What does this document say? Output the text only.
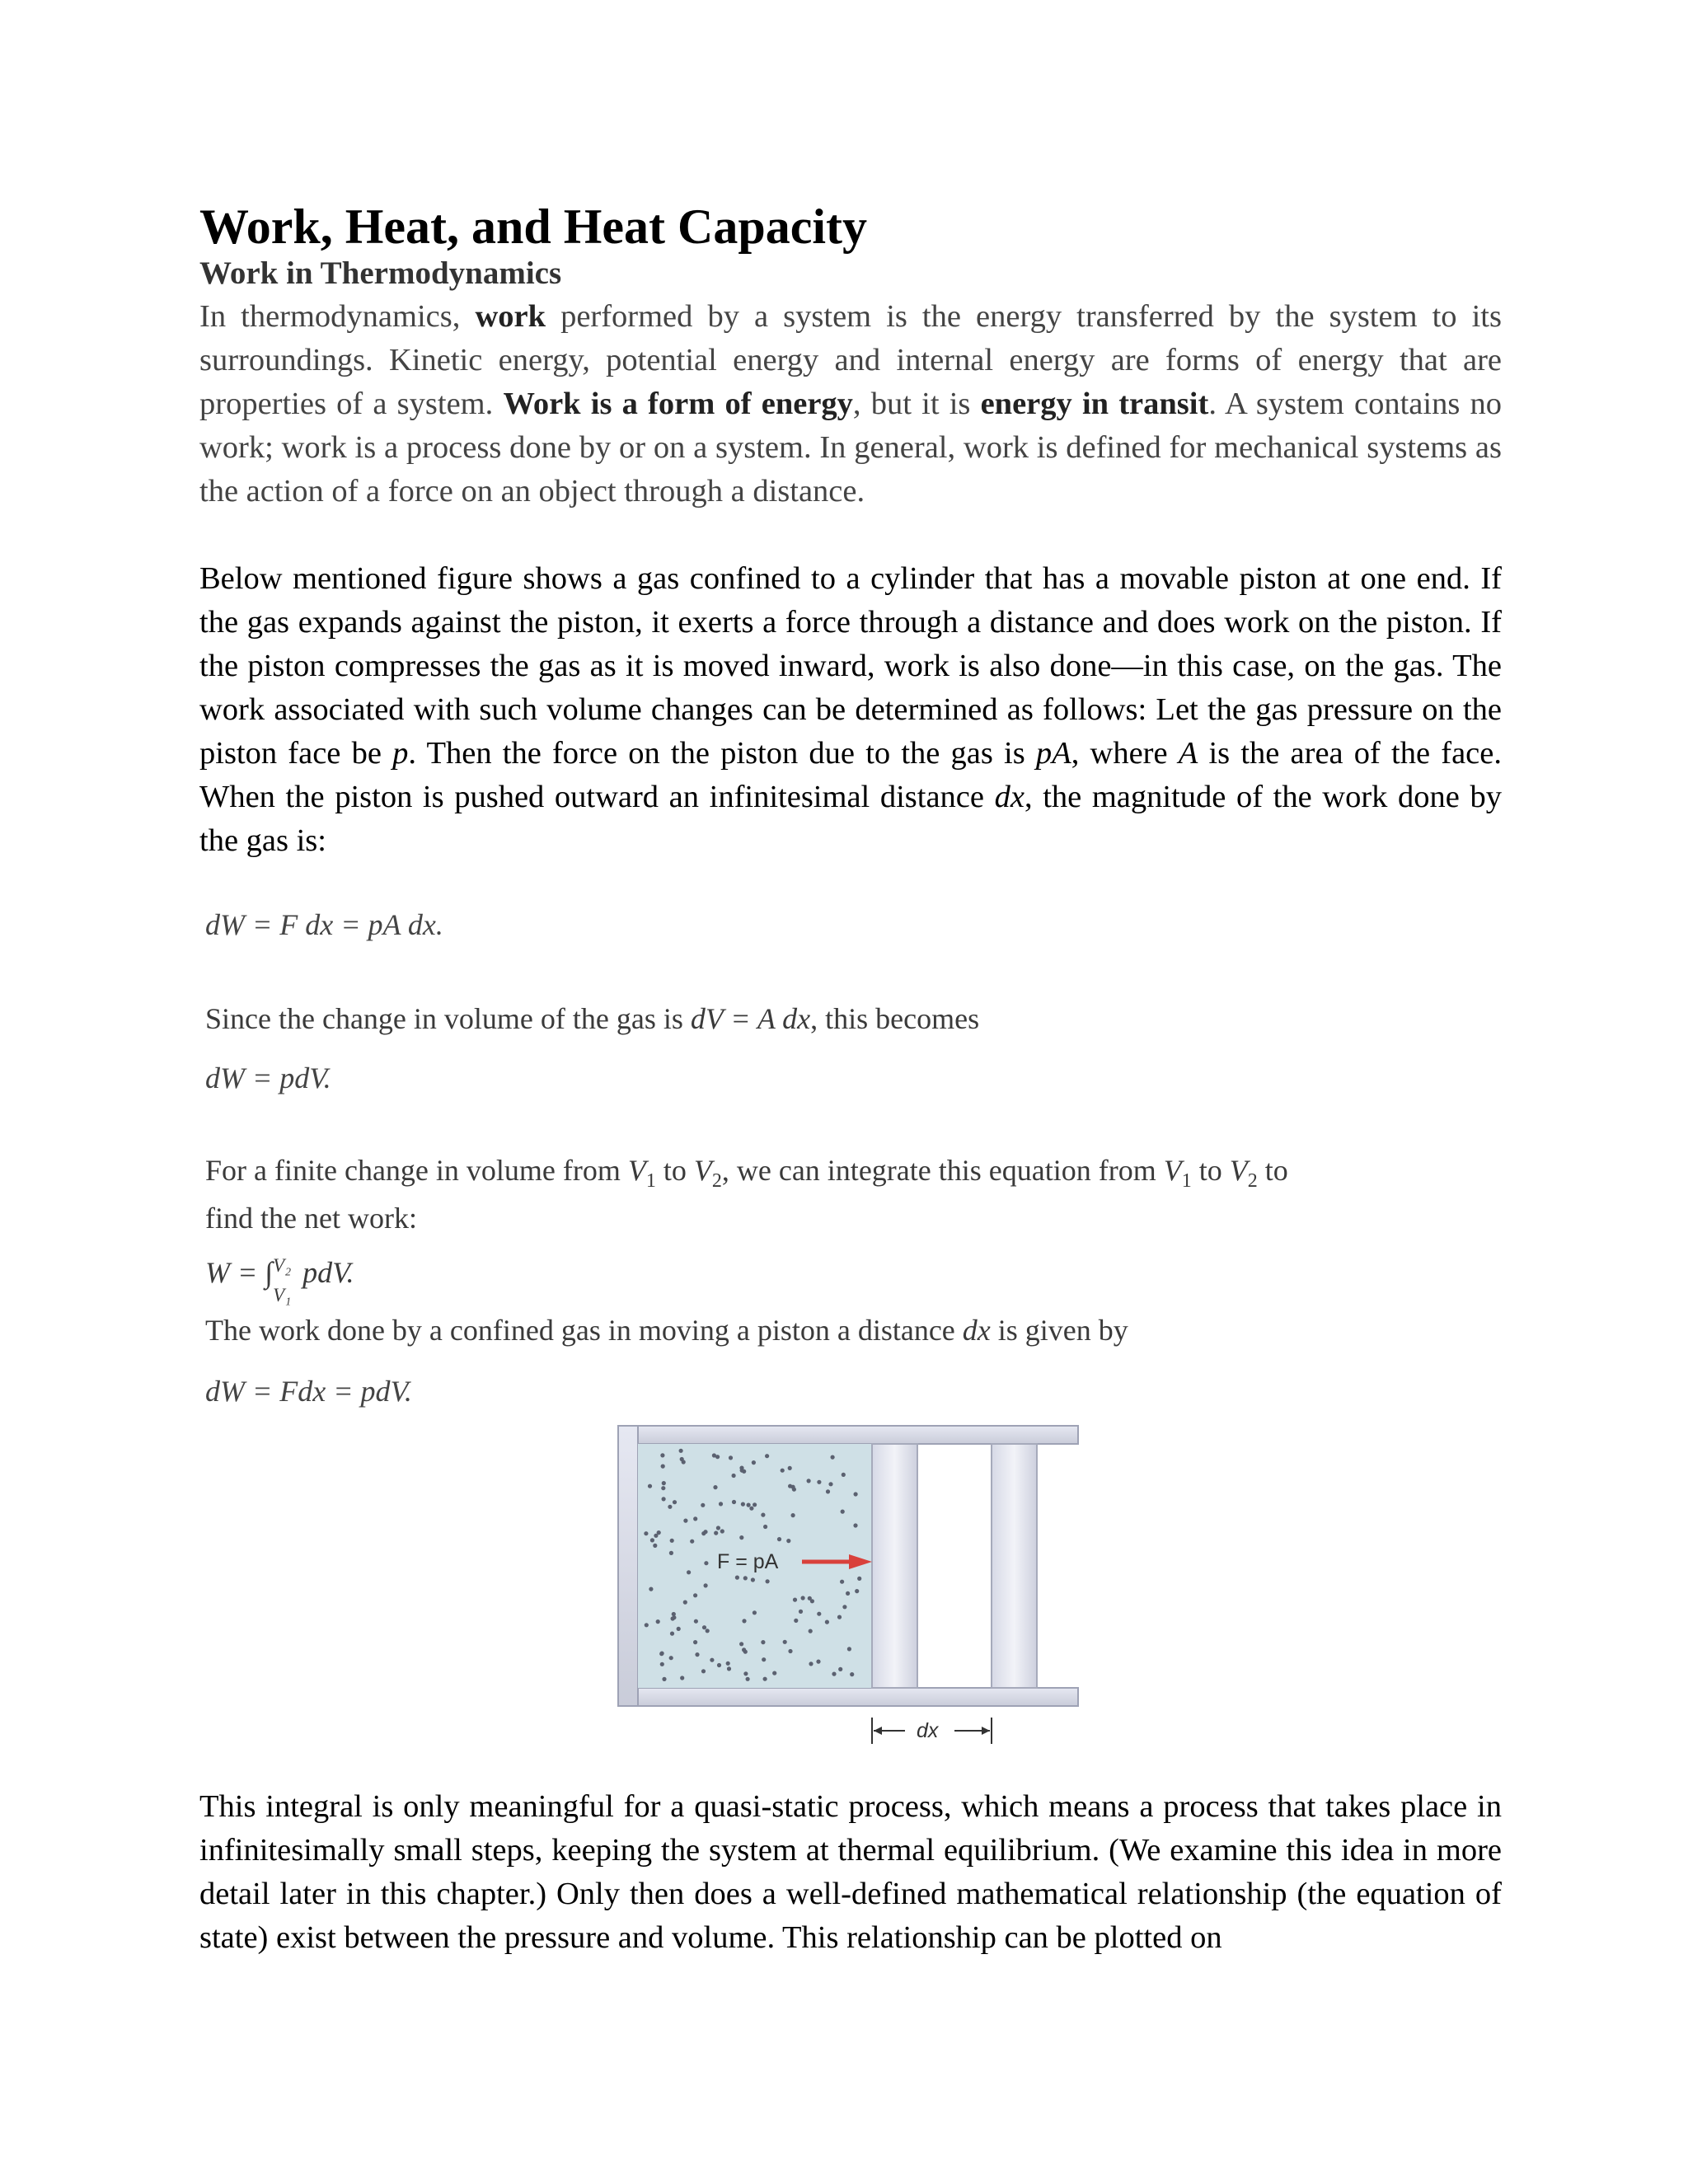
Work, Heat, and Heat Capacity
Work in Thermodynamics
In thermodynamics, work performed by a system is the energy transferred by the system to its surroundings. Kinetic energy, potential energy and internal energy are forms of energy that are properties of a system. Work is a form of energy, but it is energy in transit. A system contains no work; work is a process done by or on a system. In general, work is defined for mechanical systems as the action of a force on an object through a distance.
Below mentioned figure shows a gas confined to a cylinder that has a movable piston at one end. If the gas expands against the piston, it exerts a force through a distance and does work on the piston. If the piston compresses the gas as it is moved inward, work is also done—in this case, on the gas. The work associated with such volume changes can be determined as follows: Let the gas pressure on the piston face be p. Then the force on the piston due to the gas is pA, where A is the area of the face. When the piston is pushed outward an infinitesimal distance dx, the magnitude of the work done by the gas is:
dW = F dx = pA dx.
Since the change in volume of the gas is dV = A dx, this becomes
dW = pdV.
For a finite change in volume from $V_1$ to $V_2$, we can integrate this equation from $V_1$ to $V_2$ to
find the net work:
W = ∫ V₂
V₁
pdV.
The work done by a confined gas in moving a piston a distance dx is given by
dW = Fdx = pdV.
F = pA
dx
This integral is only meaningful for a quasi-static process, which means a process that takes place in infinitesimally small steps, keeping the system at thermal equilibrium. (We examine this idea in more detail later in this chapter.) Only then does a well-defined mathematical relationship (the equation of state) exist between the pressure and volume. This relationship can be plotted on
